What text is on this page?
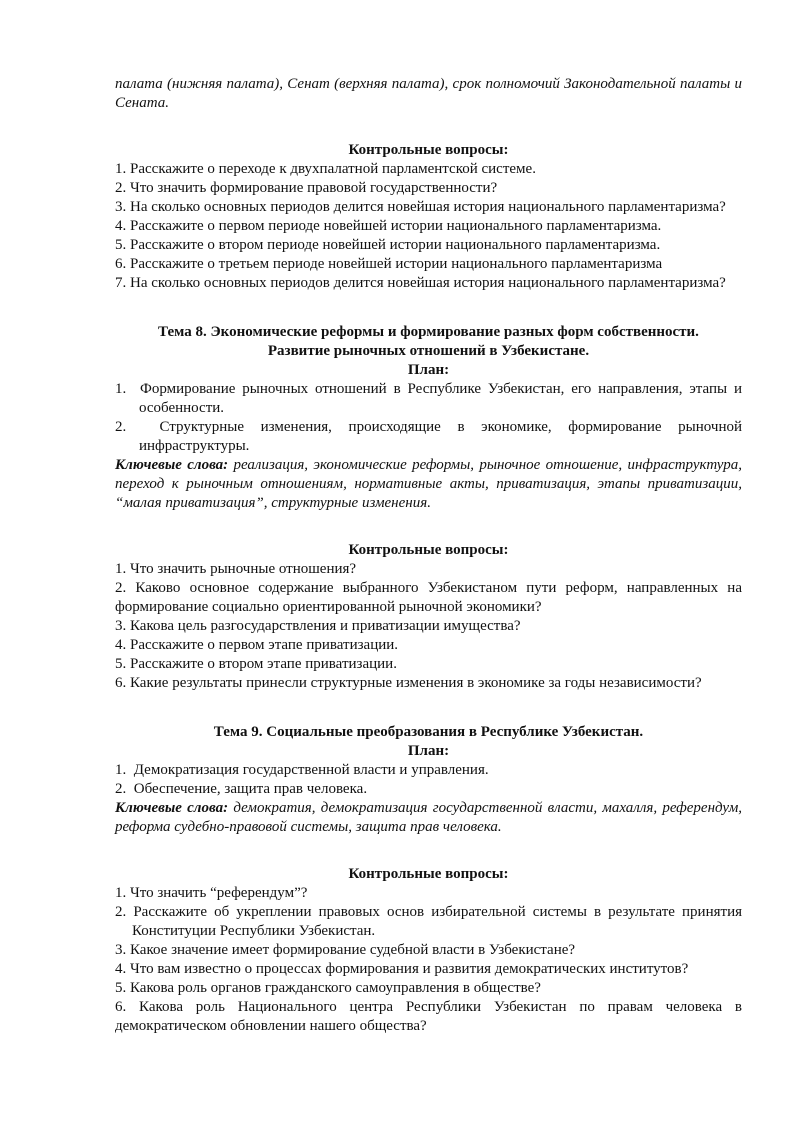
палата (нижняя палата), Сенат (верхняя палата), срок полномочий Законодательной палаты и Сената.

Контрольные вопросы:

1. Расскажите о переходе к двухпалатной парламентской системе.

2. Что значить формирование правовой государственности?

3. На сколько основных периодов делится новейшая история национального парламентаризма?

4. Расскажите о первом периоде новейшей истории национального парламентаризма.

5. Расскажите о втором периоде новейшей истории национального парламентаризма.

6. Расскажите о третьем периоде новейшей истории национального парламентаризма

7. На сколько основных периодов делится новейшая история национального парламентаризма?

Тема 8. Экономические реформы и формирование разных форм собственности.

Развитие рыночных отношений в Узбекистане.

План:

1.  Формирование рыночных отношений в Республике Узбекистан, его направления, этапы и особенности.

2.  Структурные изменения, происходящие в экономике, формирование рыночной инфраструктуры.

Ключевые слова: реализация, экономические реформы, рыночное отношение, инфраструктура, переход к рыночным отношениям, нормативные акты, приватизация, этапы приватизации, “малая приватизация”, структурные изменения.

Контрольные вопросы:

1. Что значить рыночные отношения?

2. Каково основное содержание выбранного Узбекистаном пути реформ, направленных на формирование социально ориентированной рыночной экономики?

3. Какова цель разгосударствления и приватизации имущества?

4. Расскажите о первом этапе приватизации.

5. Расскажите о втором этапе приватизации.

6. Какие результаты принесли структурные изменения в экономике за годы независимости?

Тема 9. Социальные преобразования в Республике Узбекистан.

План:

1.  Демократизация государственной власти и управления.

2.  Обеспечение, защита прав человека.

Ключевые слова: демократия, демократизация государственной власти, махалля, референдум, реформа судебно-правовой системы, защита прав человека.

Контрольные вопросы:

1. Что значить “референдум”?

2. Расскажите об укреплении правовых основ избирательной системы в результате принятия Конституции Республики Узбекистан.

3. Какое значение имеет формирование судебной власти в Узбекистане?

4. Что вам известно о процессах формирования и развития демократических институтов?

5. Какова роль органов гражданского самоуправления в обществе?

6. Какова роль Национального центра Республики Узбекистан по правам человека в демократическом обновлении нашего общества?
